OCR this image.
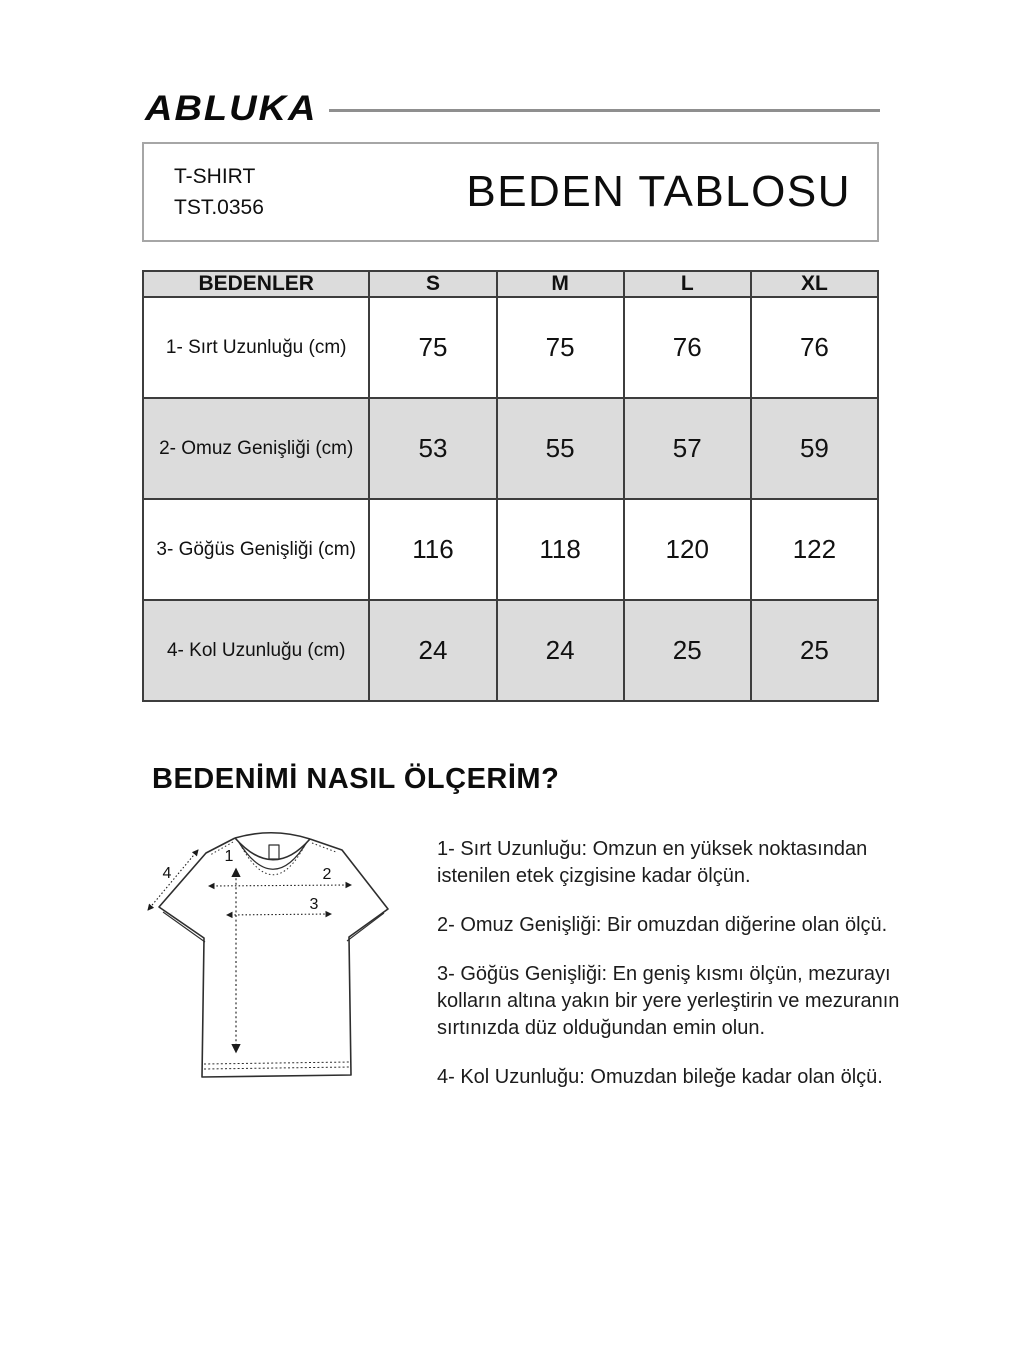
ABLUKA
T-SHIRT
TST.0356	BEDEN TABLOSU
BEDENLER	S	M	L	XL
1- Sırt Uzunluğu (cm)	75	75	76	76
2- Omuz Genişliği (cm)	53	55	57	59
3- Göğüs Genişliği (cm)	116	118	120	122
4- Kol Uzunluğu (cm)	24	24	25	25
BEDENİMİ NASIL ÖLÇERİM?
1
2
3
4

1- Sırt Uzunluğu: Omzun en yüksek noktasından istenilen etek çizgisine kadar ölçün.

2- Omuz Genişliği: Bir omuzdan diğerine olan ölçü.

3- Göğüs Genişliği: En geniş kısmı ölçün, mezurayı kolların altına yakın bir yere yerleştirin ve mezuranın sırtınızda düz olduğundan emin olun.

4- Kol Uzunluğu: Omuzdan bileğe kadar olan ölçü.
